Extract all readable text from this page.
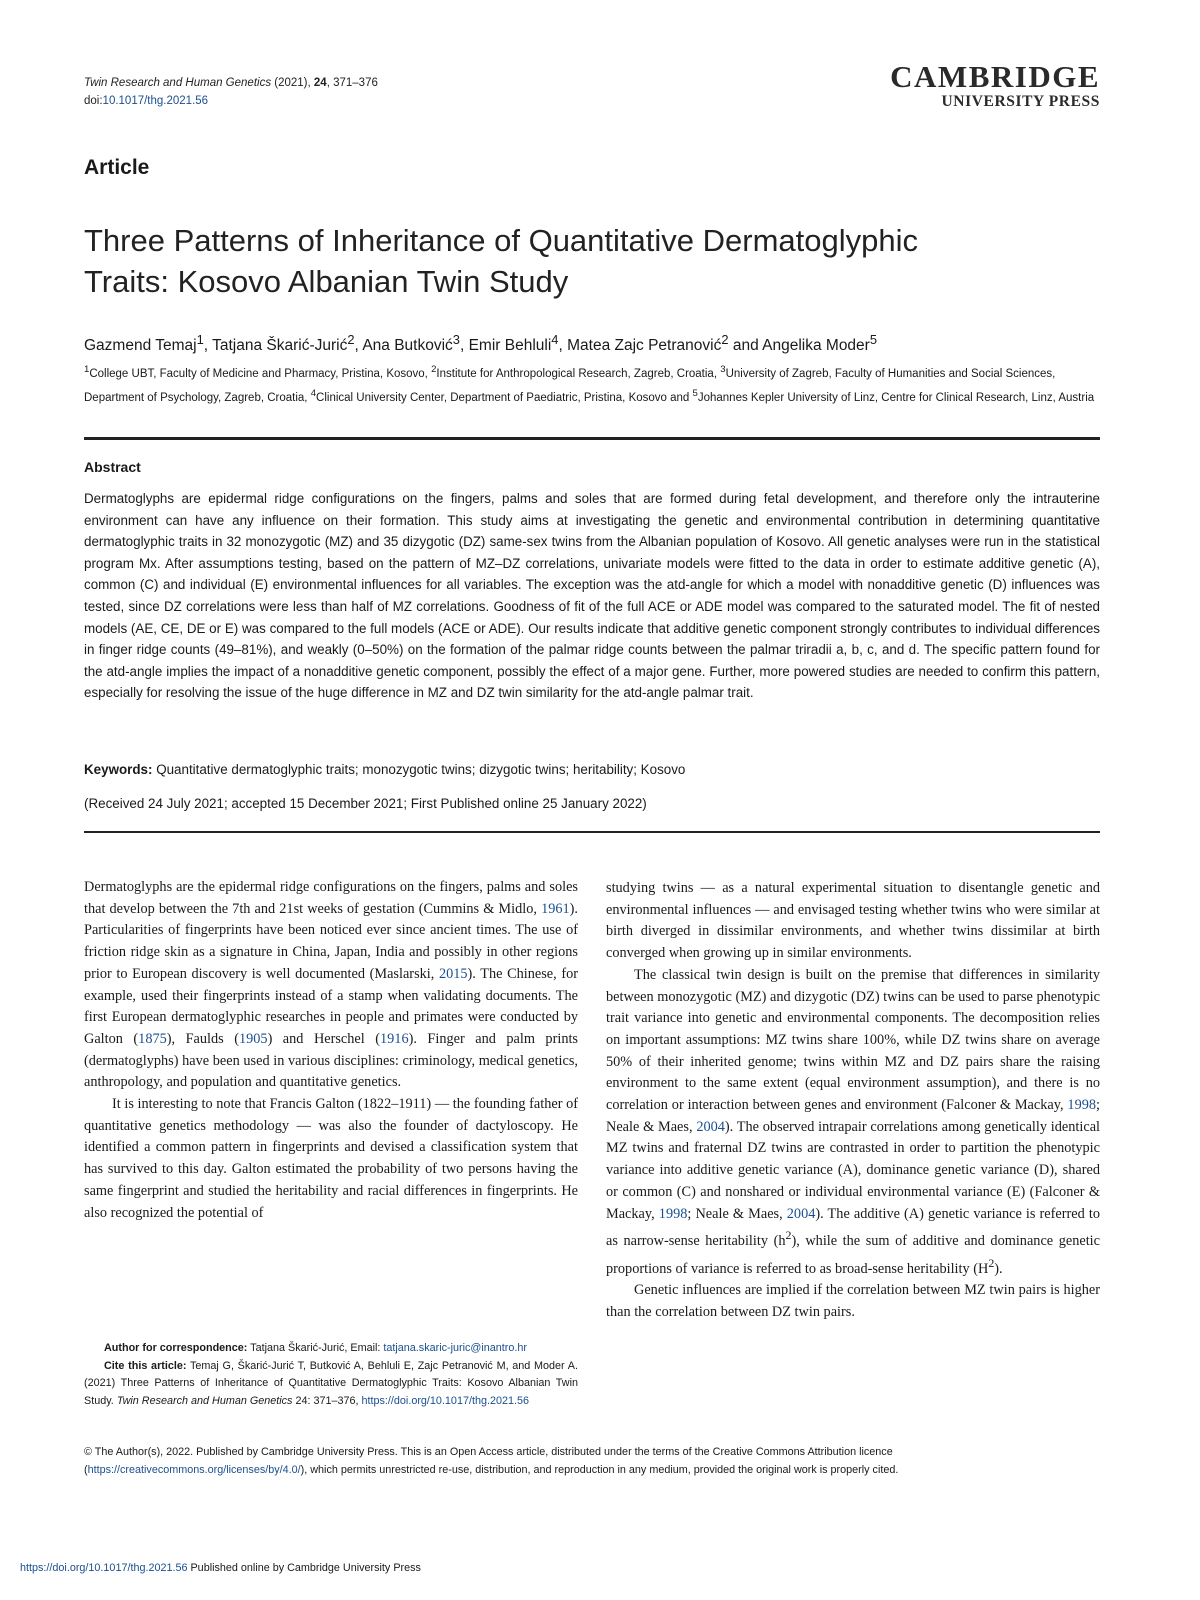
Twin Research and Human Genetics (2021), 24, 371–376
doi:10.1017/thg.2021.56
CAMBRIDGE
UNIVERSITY PRESS
Article
Three Patterns of Inheritance of Quantitative Dermatoglyphic
Traits: Kosovo Albanian Twin Study
Gazmend Temaj$^1$, Tatjana Škarić-Jurić$^2$, Ana Butković$^3$, Emir Behluli$^4$, Matea Zajc Petranović$^2$ and Angelika Moder$^5$
$^1$College UBT, Faculty of Medicine and Pharmacy, Pristina, Kosovo, $^2$Institute for Anthropological Research, Zagreb, Croatia, $^3$University of Zagreb, Faculty of Humanities and Social Sciences, Department of Psychology, Zagreb, Croatia, $^4$Clinical University Center, Department of Paediatric, Pristina, Kosovo and $^5$Johannes Kepler University of Linz, Centre for Clinical Research, Linz, Austria
Abstract
Dermatoglyphs are epidermal ridge configurations on the fingers, palms and soles that are formed during fetal development, and therefore only the intrauterine environment can have any influence on their formation. This study aims at investigating the genetic and environmental contribution in determining quantitative dermatoglyphic traits in 32 monozygotic (MZ) and 35 dizygotic (DZ) same-sex twins from the Albanian population of Kosovo. All genetic analyses were run in the statistical program Mx. After assumptions testing, based on the pattern of MZ–DZ correlations, univariate models were fitted to the data in order to estimate additive genetic (A), common (C) and individual (E) environmental influences for all variables. The exception was the atd-angle for which a model with nonadditive genetic (D) influences was tested, since DZ correlations were less than half of MZ correlations. Goodness of fit of the full ACE or ADE model was compared to the saturated model. The fit of nested models (AE, CE, DE or E) was compared to the full models (ACE or ADE). Our results indicate that additive genetic component strongly contributes to individual differences in finger ridge counts (49–81%), and weakly (0–50%) on the formation of the palmar ridge counts between the palmar triradii a, b, c, and d. The specific pattern found for the atd-angle implies the impact of a nonadditive genetic component, possibly the effect of a major gene. Further, more powered studies are needed to confirm this pattern, especially for resolving the issue of the huge difference in MZ and DZ twin similarity for the atd-angle palmar trait.
Keywords: Quantitative dermatoglyphic traits; monozygotic twins; dizygotic twins; heritability; Kosovo
(Received 24 July 2021; accepted 15 December 2021; First Published online 25 January 2022)

Dermatoglyphs are the epidermal ridge configurations on the fingers, palms and soles that develop between the 7th and 21st weeks of gestation (Cummins & Midlo, 1961). Particularities of fingerprints have been noticed ever since ancient times. The use of friction ridge skin as a signature in China, Japan, India and possibly in other regions prior to European discovery is well documented (Maslarski, 2015). The Chinese, for example, used their fingerprints instead of a stamp when validating documents. The first European dermatoglyphic researches in people and primates were conducted by Galton (1875), Faulds (1905) and Herschel (1916). Finger and palm prints (dermatoglyphs) have been used in various disciplines: criminology, medical genetics, anthropology, and population and quantitative genetics.

It is interesting to note that Francis Galton (1822–1911) — the founding father of quantitative genetics methodology — was also the founder of dactyloscopy. He identified a common pattern in fingerprints and devised a classification system that has survived to this day. Galton estimated the probability of two persons having the same fingerprint and studied the heritability and racial differences in fingerprints. He also recognized the potential of

studying twins — as a natural experimental situation to disentangle genetic and environmental influences — and envisaged testing whether twins who were similar at birth diverged in dissimilar environments, and whether twins dissimilar at birth converged when growing up in similar environments.

The classical twin design is built on the premise that differences in similarity between monozygotic (MZ) and dizygotic (DZ) twins can be used to parse phenotypic trait variance into genetic and environmental components. The decomposition relies on important assumptions: MZ twins share 100%, while DZ twins share on average 50% of their inherited genome; twins within MZ and DZ pairs share the raising environment to the same extent (equal environment assumption), and there is no correlation or interaction between genes and environment (Falconer & Mackay, 1998; Neale & Maes, 2004). The observed intrapair correlations among genetically identical MZ twins and fraternal DZ twins are contrasted in order to partition the phenotypic variance into additive genetic variance (A), dominance genetic variance (D), shared or common (C) and nonshared or individual environmental variance (E) (Falconer & Mackay, 1998; Neale & Maes, 2004). The additive (A) genetic variance is referred to as narrow-sense heritability $(h^2)$, while the sum of additive and dominance genetic proportions of variance is referred to as broad-sense heritability $(H^2)$.

Genetic influences are implied if the correlation between MZ twin pairs is higher than the correlation between DZ twin pairs.

Author for correspondence: Tatjana Škarić-Jurić, Email: tatjana.skaric-juric@inantro.hr

Cite this article: Temaj G, Škarić-Jurić T, Butković A, Behluli E, Zajc Petranović M, and Moder A. (2021) Three Patterns of Inheritance of Quantitative Dermatoglyphic Traits: Kosovo Albanian Twin Study. Twin Research and Human Genetics 24: 371–376, https://doi.org/10.1017/thg.2021.56

© The Author(s), 2022. Published by Cambridge University Press. This is an Open Access article, distributed under the terms of the Creative Commons Attribution licence (https://creativecommons.org/licenses/by/4.0/), which permits unrestricted re-use, distribution, and reproduction in any medium, provided the original work is properly cited.
https://doi.org/10.1017/thg.2021.56 Published online by Cambridge University Press
